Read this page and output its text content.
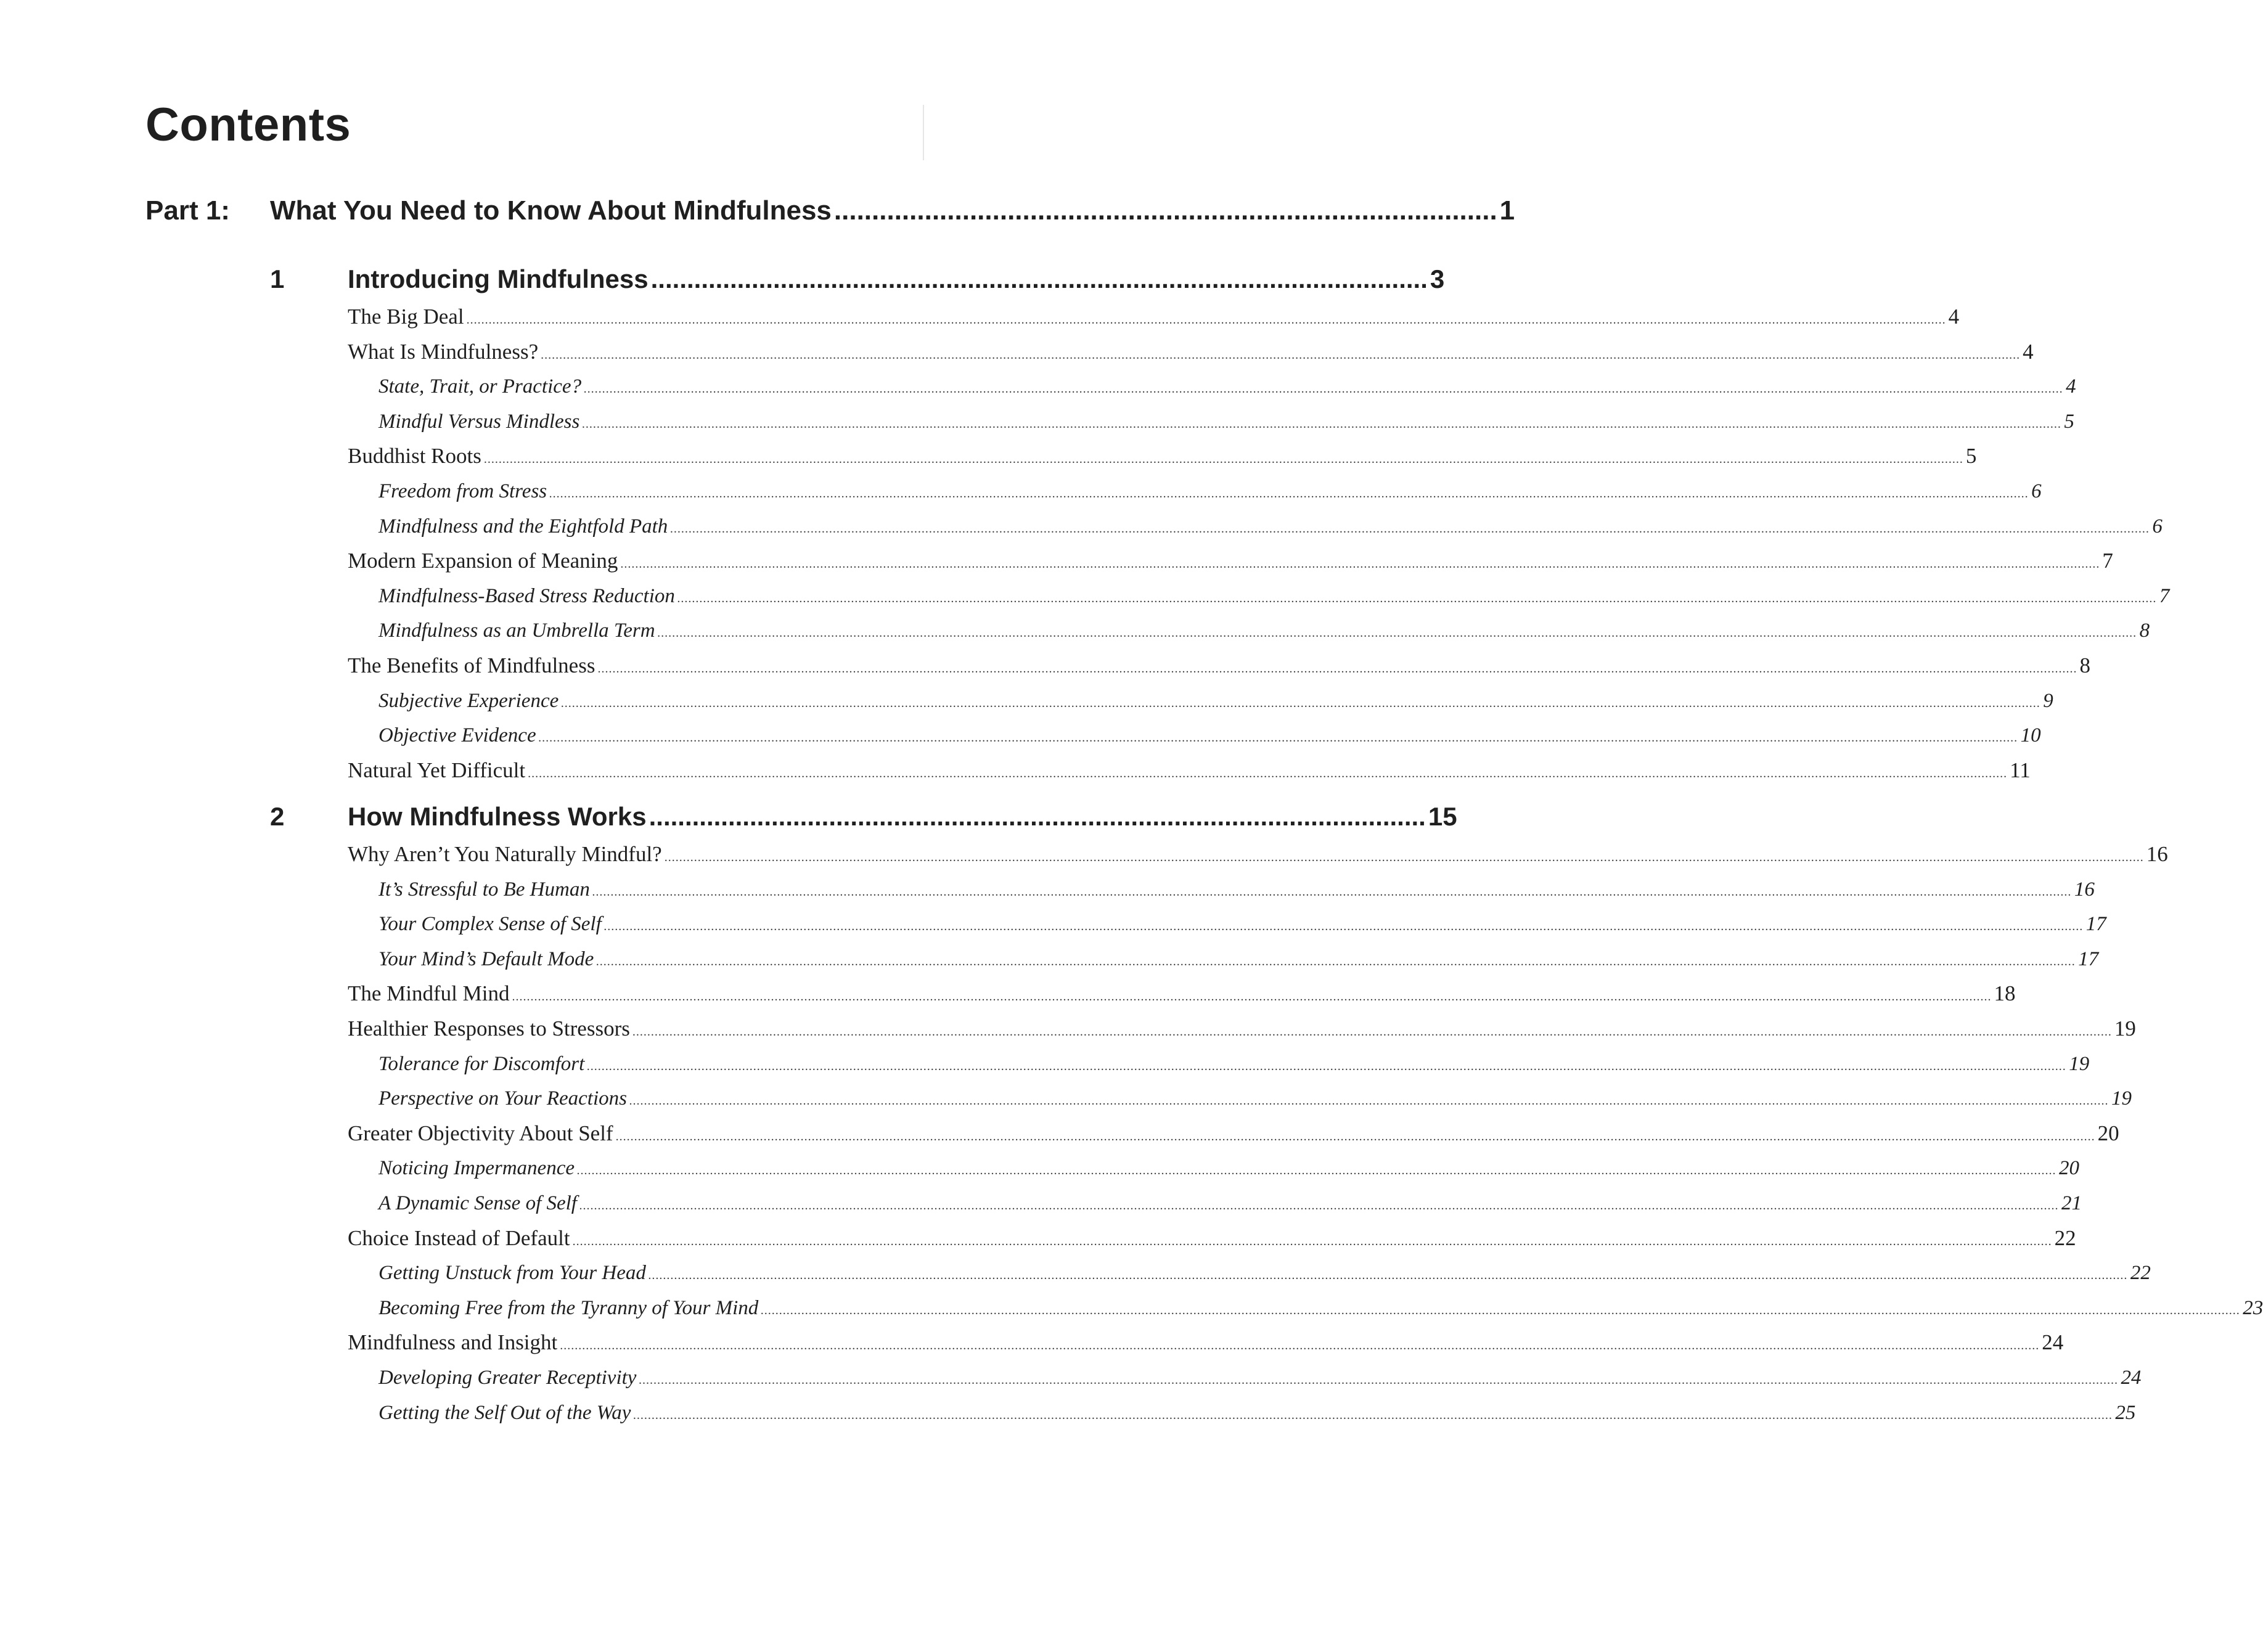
Contents
Part 1: What You Need to Know About Mindfulness ........................................................................................ 1
1 Introducing Mindfulness ............................................................................................................ 3
The Big Deal ................................................................................................................................................................................................................................................................................................................................................................................................................ 4
What Is Mindfulness? ................................................................................................................................................................................................................................................................................................................................................................................................................ 4
State, Trait, or Practice? ................................................................................................................................................................................................................................................................................................................................................................................................................ 4
Mindful Versus Mindless ................................................................................................................................................................................................................................................................................................................................................................................................................ 5
Buddhist Roots ................................................................................................................................................................................................................................................................................................................................................................................................................ 5
Freedom from Stress ................................................................................................................................................................................................................................................................................................................................................................................................................ 6
Mindfulness and the Eightfold Path ................................................................................................................................................................................................................................................................................................................................................................................................................ 6
Modern Expansion of Meaning ................................................................................................................................................................................................................................................................................................................................................................................................................ 7
Mindfulness-Based Stress Reduction ................................................................................................................................................................................................................................................................................................................................................................................................................ 7
Mindfulness as an Umbrella Term ................................................................................................................................................................................................................................................................................................................................................................................................................ 8
The Benefits of Mindfulness ................................................................................................................................................................................................................................................................................................................................................................................................................ 8
Subjective Experience ................................................................................................................................................................................................................................................................................................................................................................................................................ 9
Objective Evidence ................................................................................................................................................................................................................................................................................................................................................................................................................ 10
Natural Yet Difficult ................................................................................................................................................................................................................................................................................................................................................................................................................ 11
2 How Mindfulness Works ............................................................................................................ 15
Why Aren’t You Naturally Mindful? ................................................................................................................................................................................................................................................................................................................................................................................................................ 16
It’s Stressful to Be Human ................................................................................................................................................................................................................................................................................................................................................................................................................ 16
Your Complex Sense of Self ................................................................................................................................................................................................................................................................................................................................................................................................................ 17
Your Mind’s Default Mode ................................................................................................................................................................................................................................................................................................................................................................................................................ 17
The Mindful Mind ................................................................................................................................................................................................................................................................................................................................................................................................................ 18
Healthier Responses to Stressors ................................................................................................................................................................................................................................................................................................................................................................................................................ 19
Tolerance for Discomfort ................................................................................................................................................................................................................................................................................................................................................................................................................ 19
Perspective on Your Reactions ................................................................................................................................................................................................................................................................................................................................................................................................................ 19
Greater Objectivity About Self ................................................................................................................................................................................................................................................................................................................................................................................................................ 20
Noticing Impermanence ................................................................................................................................................................................................................................................................................................................................................................................................................ 20
A Dynamic Sense of Self ................................................................................................................................................................................................................................................................................................................................................................................................................ 21
Choice Instead of Default ................................................................................................................................................................................................................................................................................................................................................................................................................ 22
Getting Unstuck from Your Head ................................................................................................................................................................................................................................................................................................................................................................................................................ 22
Becoming Free from the Tyranny of Your Mind ................................................................................................................................................................................................................................................................................................................................................................................................................ 23
Mindfulness and Insight ................................................................................................................................................................................................................................................................................................................................................................................................................ 24
Developing Greater Receptivity ................................................................................................................................................................................................................................................................................................................................................................................................................ 24
Getting the Self Out of the Way ................................................................................................................................................................................................................................................................................................................................................................................................................ 25
